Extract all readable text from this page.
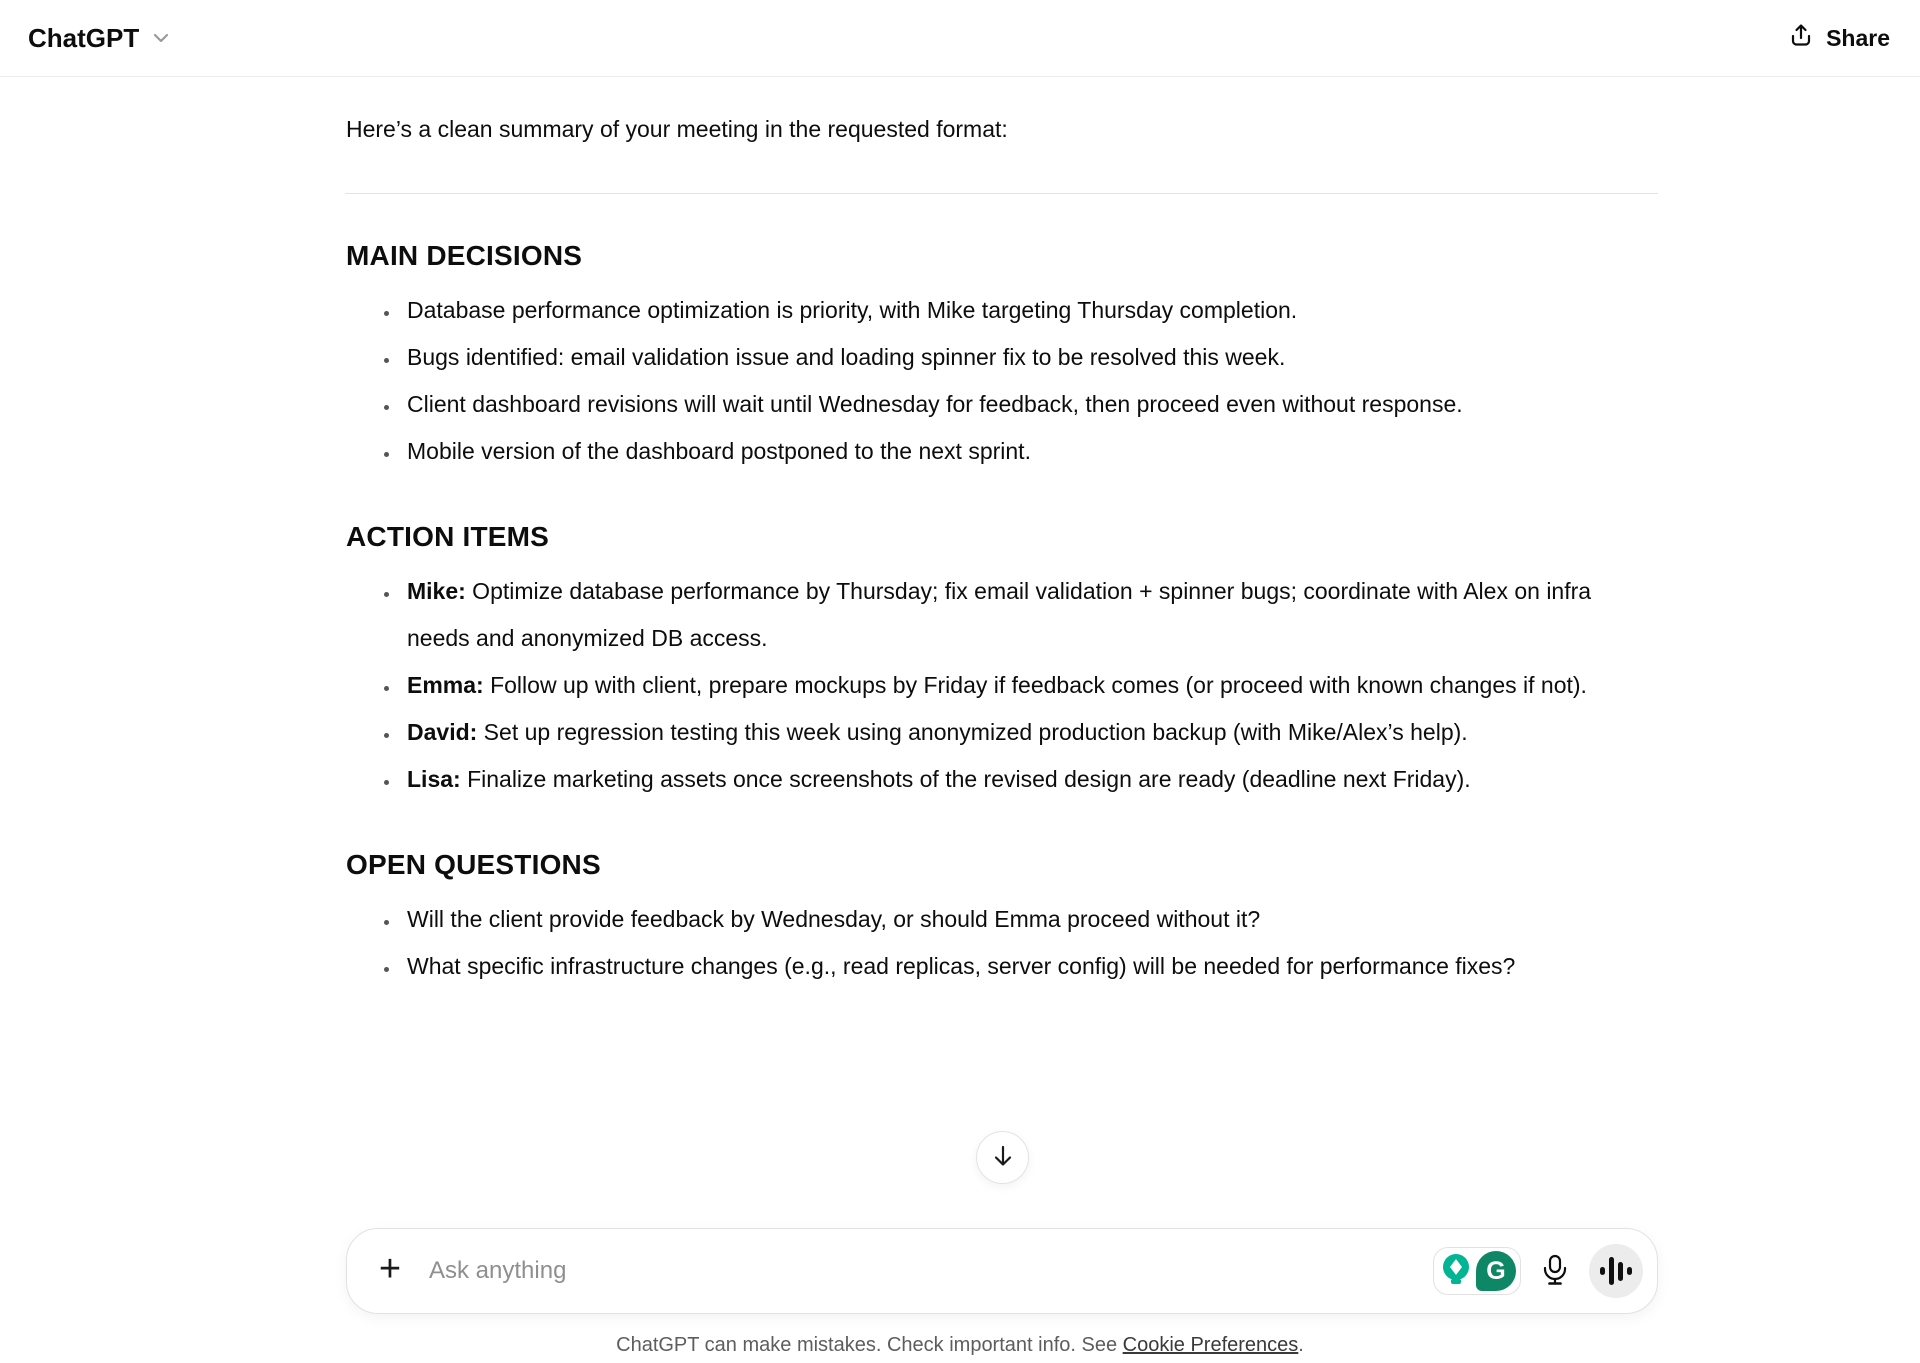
ChatGPT	Share

Here’s a clean summary of your meeting in the requested format:

MAIN DECISIONS
• Database performance optimization is priority, with Mike targeting Thursday completion.
• Bugs identified: email validation issue and loading spinner fix to be resolved this week.
• Client dashboard revisions will wait until Wednesday for feedback, then proceed even without response.
• Mobile version of the dashboard postponed to the next sprint.
ACTION ITEMS
• Mike: Optimize database performance by Thursday; fix email validation + spinner bugs; coordinate with Alex on infra needs and anonymized DB access.
• Emma: Follow up with client, prepare mockups by Friday if feedback comes (or proceed with known changes if not).
• David: Set up regression testing this week using anonymized production backup (with Mike/Alex’s help).
• Lisa: Finalize marketing assets once screenshots of the revised design are ready (deadline next Friday).
OPEN QUESTIONS
• Will the client provide feedback by Wednesday, or should Emma proceed without it?
• What specific infrastructure changes (e.g., read replicas, server config) will be needed for performance fixes?
+
Ask anything	G
ChatGPT can make mistakes. Check important info. See Cookie Preferences.
